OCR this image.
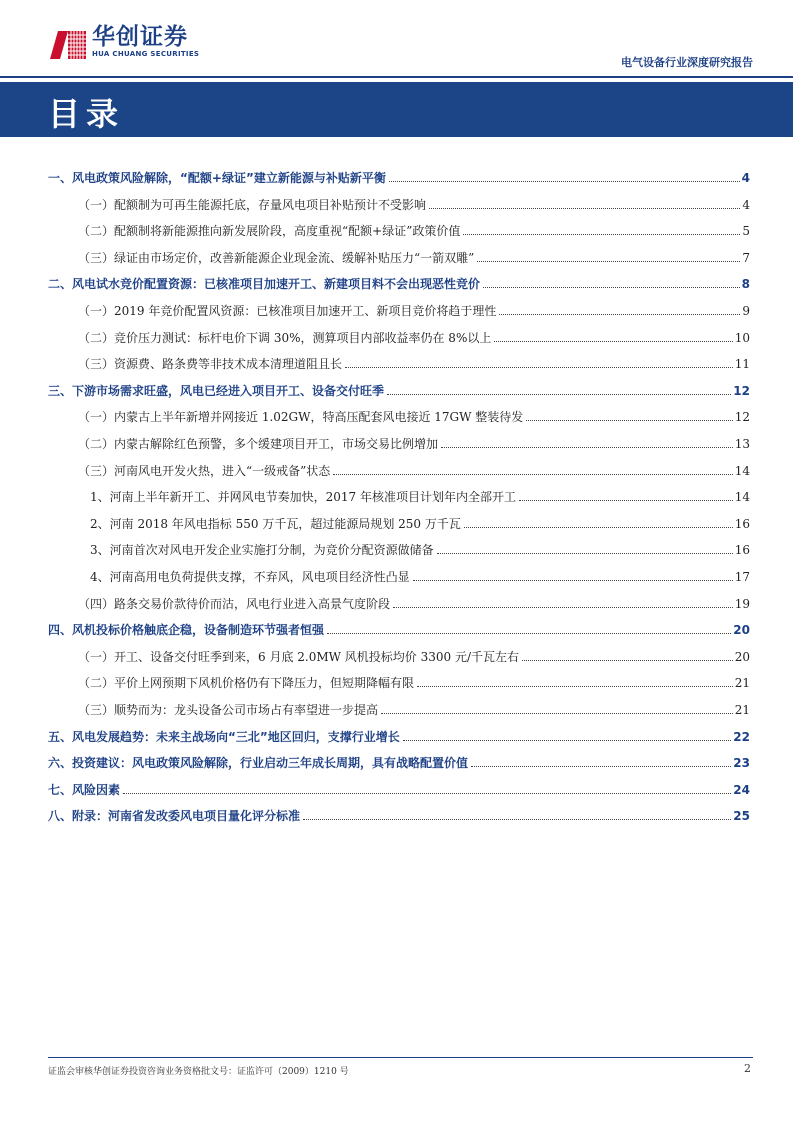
华创证券
HUA CHUANG SECURITIES
电气设备行业深度研究报告
目录
一、风电政策风险解除，“配额+绿证”建立新能源与补贴新平衡	4
（一）配额制为可再生能源托底，存量风电项目补贴预计不受影响	4
（二）配额制将新能源推向新发展阶段，高度重视“配额+绿证”政策价值	5
（三）绿证由市场定价，改善新能源企业现金流、缓解补贴压力“一箭双雕”	7
二、风电试水竞价配置资源：已核准项目加速开工、新建项目料不会出现恶性竞价	8
（一）2019 年竞价配置风资源：已核准项目加速开工、新项目竞价将趋于理性	9
（二）竞价压力测试：标杆电价下调 30%，测算项目内部收益率仍在 8%以上	10
（三）资源费、路条费等非技术成本清理道阻且长	11
三、下游市场需求旺盛，风电已经进入项目开工、设备交付旺季	12
（一）内蒙古上半年新增并网接近 1.02GW，特高压配套风电接近 17GW 整装待发	12
（二）内蒙古解除红色预警，多个缓建项目开工，市场交易比例增加	13
（三）河南风电开发火热，进入“一级戒备”状态	14
1、河南上半年新开工、并网风电节奏加快，2017 年核准项目计划年内全部开工	14
2、河南 2018 年风电指标 550 万千瓦，超过能源局规划 250 万千瓦	16
3、河南首次对风电开发企业实施打分制，为竞价分配资源做储备	16
4、河南高用电负荷提供支撑，不弃风，风电项目经济性凸显	17
（四）路条交易价款待价而沽，风电行业进入高景气度阶段	19
四、风机投标价格触底企稳，设备制造环节强者恒强	20
（一）开工、设备交付旺季到来，6 月底 2.0MW 风机投标均价 3300 元/千瓦左右	20
（二）平价上网预期下风机价格仍有下降压力，但短期降幅有限	21
（三）顺势而为：龙头设备公司市场占有率望进一步提高	21
五、风电发展趋势：未来主战场向“三北”地区回归，支撑行业增长	22
六、投资建议：风电政策风险解除，行业启动三年成长周期，具有战略配置价值	23
七、风险因素	24
八、附录：河南省发改委风电项目量化评分标准	25
证监会审核华创证券投资咨询业务资格批文号：证监许可（2009）1210 号	2
